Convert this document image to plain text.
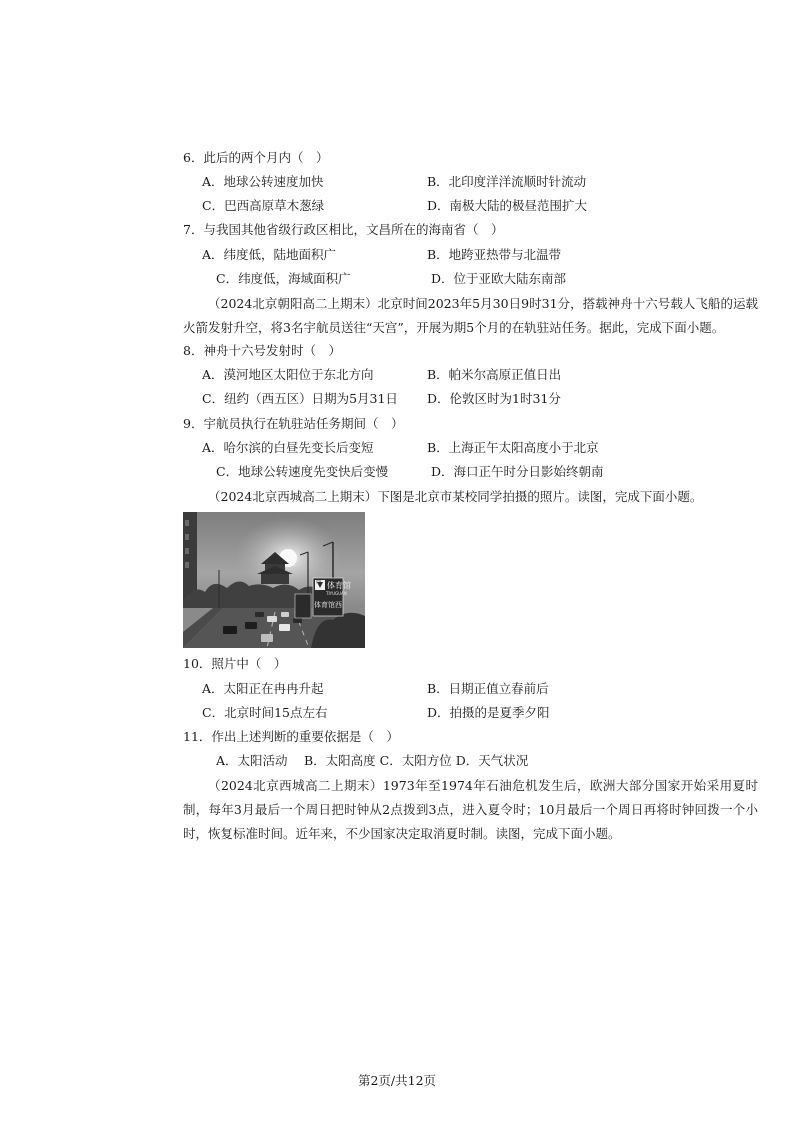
6．此后的两个月内（　）
A．地球公转速度加快	B．北印度洋洋流顺时针流动
C．巴西高原草木葱绿	D．南极大陆的极昼范围扩大
7．与我国其他省级行政区相比，文昌所在的海南省（　）
A．纬度低，陆地面积广	B．地跨亚热带与北温带
C．纬度低，海域面积广	D．位于亚欧大陆东南部
（2024北京朝阳高二上期末）北京时间2023年5月30日9时31分，搭载神舟十六号载人飞船的运载火箭发射升空，将3名宇航员送往“天宫”，开展为期5个月的在轨驻站任务。据此，完成下面小题。
8．神舟十六号发射时（　）
A．漠河地区太阳位于东北方向	B．帕米尔高原正值日出
C．纽约（西五区）日期为5月31日 D．伦敦区时为1时31分
9．宇航员执行在轨驻站任务期间（　）
A．哈尔滨的白昼先变长后变短	B．上海正午太阳高度小于北京
C．地球公转速度先变快后变慢	D．海口正午时分日影始终朝南
（2024北京西城高二上期末）下图是北京市某校同学拍摄的照片。读图，完成下面小题。
体育馆
TIYUGUAN
体育馆西
西
10．照片中（　）
A．太阳正在冉冉升起	B．日期正值立春前后
C．北京时间15点左右	D．拍摄的是夏季夕阳
11．作出上述判断的重要依据是（　）
A．太阳活动　 B．太阳高度 C．太阳方位 D．天气状况
（2024北京西城高二上期末）1973年至1974年石油危机发生后，欧洲大部分国家开始采用夏时制，每年3月最后一个周日把时钟从2点拨到3点，进入夏令时；10月最后一个周日再将时钟回拨一个小时，恢复标准时间。近年来，不少国家决定取消夏时制。读图，完成下面小题。
第2页/共12页
